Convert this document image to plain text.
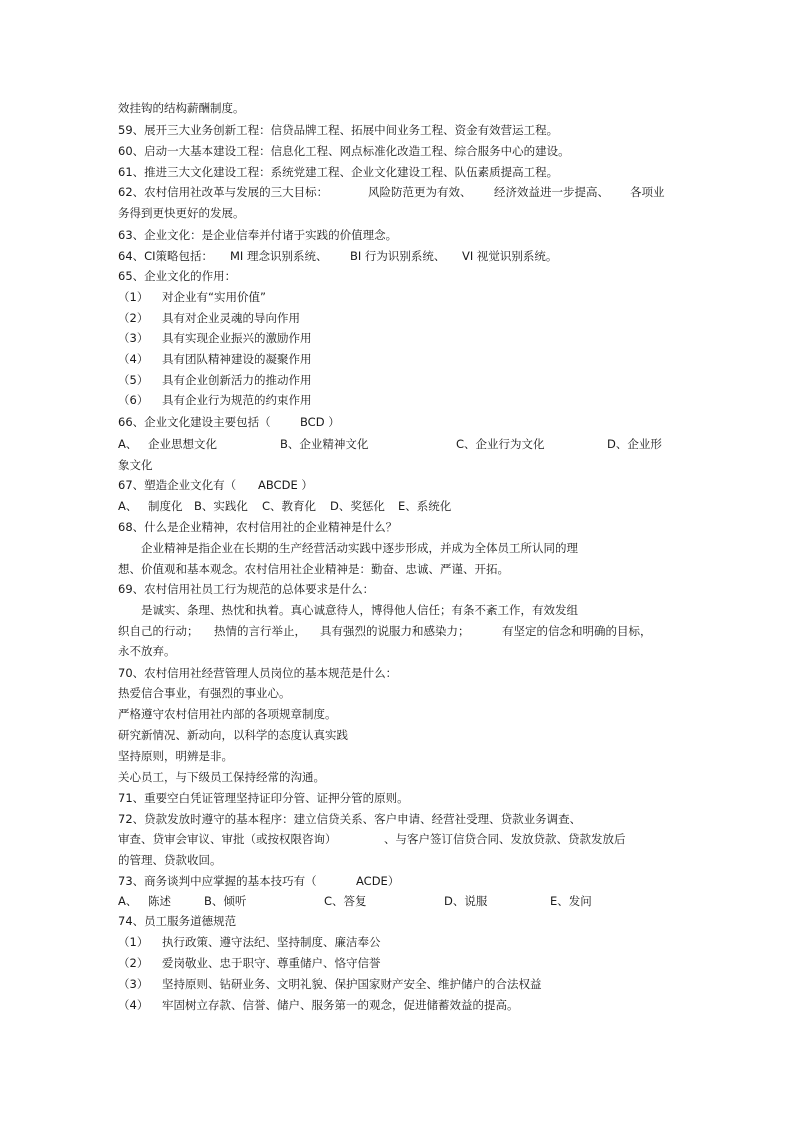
效挂钩的结构薪酬制度。
59、展开三大业务创新工程：信贷品牌工程、拓展中间业务工程、资金有效营运工程。
60、启动一大基本建设工程：信息化工程、网点标准化改造工程、综合服务中心的建设。
61、推进三大文化建设工程：系统党建工程、企业文化建设工程、队伍素质提高工程。
62、农村信用社改革与发展的三大目标：	风险防范更为有效、 经济效益进一步提高、 各项业
务得到更快更好的发展。
63、企业文化：是企业信奉并付诸于实践的价值理念。
64、CI策略包括： MI 理念识别系统、 BI 行为识别系统、 VI 视觉识别系统。
65、企业文化的作用：
（1） 对企业有“实用价值”
（2） 具有对企业灵魂的导向作用
（3） 具有实现企业振兴的激励作用
（4） 具有团队精神建设的凝聚作用
（5） 具有企业创新活力的推动作用
（6） 具有企业行为规范的约束作用
66、企业文化建设主要包括（	BCD ）
A、 企业思想文化	B、企业精神文化	C、企业行为文化	D、企业形
象文化
67、塑造企业文化有（ ABCDE ）
A、 制度化 B、实践化 C、教育化 D、奖惩化 E、系统化
68、什么是企业精神，农村信用社的企业精神是什么？
企业精神是指企业在长期的生产经营活动实践中逐步形成，并成为全体员工所认同的理
想、价值观和基本观念。农村信用社企业精神是：勤奋、忠诚、严谨、开拓。
69、农村信用社员工行为规范的总体要求是什么：
是诚实、条理、热忱和执着。真心诚意待人，博得他人信任；有条不紊工作，有效发组
织自己的行动； 热情的言行举止， 具有强烈的说服力和感染力；	有坚定的信念和明确的目标，
永不放弃。
70、农村信用社经营管理人员岗位的基本规范是什么：
热爱信合事业，有强烈的事业心。
严格遵守农村信用社内部的各项规章制度。
研究新情况、新动向，以科学的态度认真实践
坚持原则，明辨是非。
关心员工，与下级员工保持经常的沟通。
71、重要空白凭证管理坚持证印分管、证押分管的原则。
72、贷款发放时遵守的基本程序：建立信贷关系、客户申请、经营社受理、贷款业务调查、
审查、贷审会审议、审批（或按权限咨询）	、与客户签订信贷合同、发放贷款、贷款发放后
的管理、贷款收回。
73、商务谈判中应掌握的基本技巧有（	ACDE）
A、 陈述	B、倾听	C、答复	D、说服	E、发问
74、员工服务道德规范
（1） 执行政策、遵守法纪、坚持制度、廉洁奉公
（2） 爱岗敬业、忠于职守、尊重储户、恪守信誉
（3） 坚持原则、钻研业务、文明礼貌、保护国家财产安全、维护储户的合法权益
（4） 牢固树立存款、信誉、储户、服务第一的观念，促进储蓄效益的提高。
